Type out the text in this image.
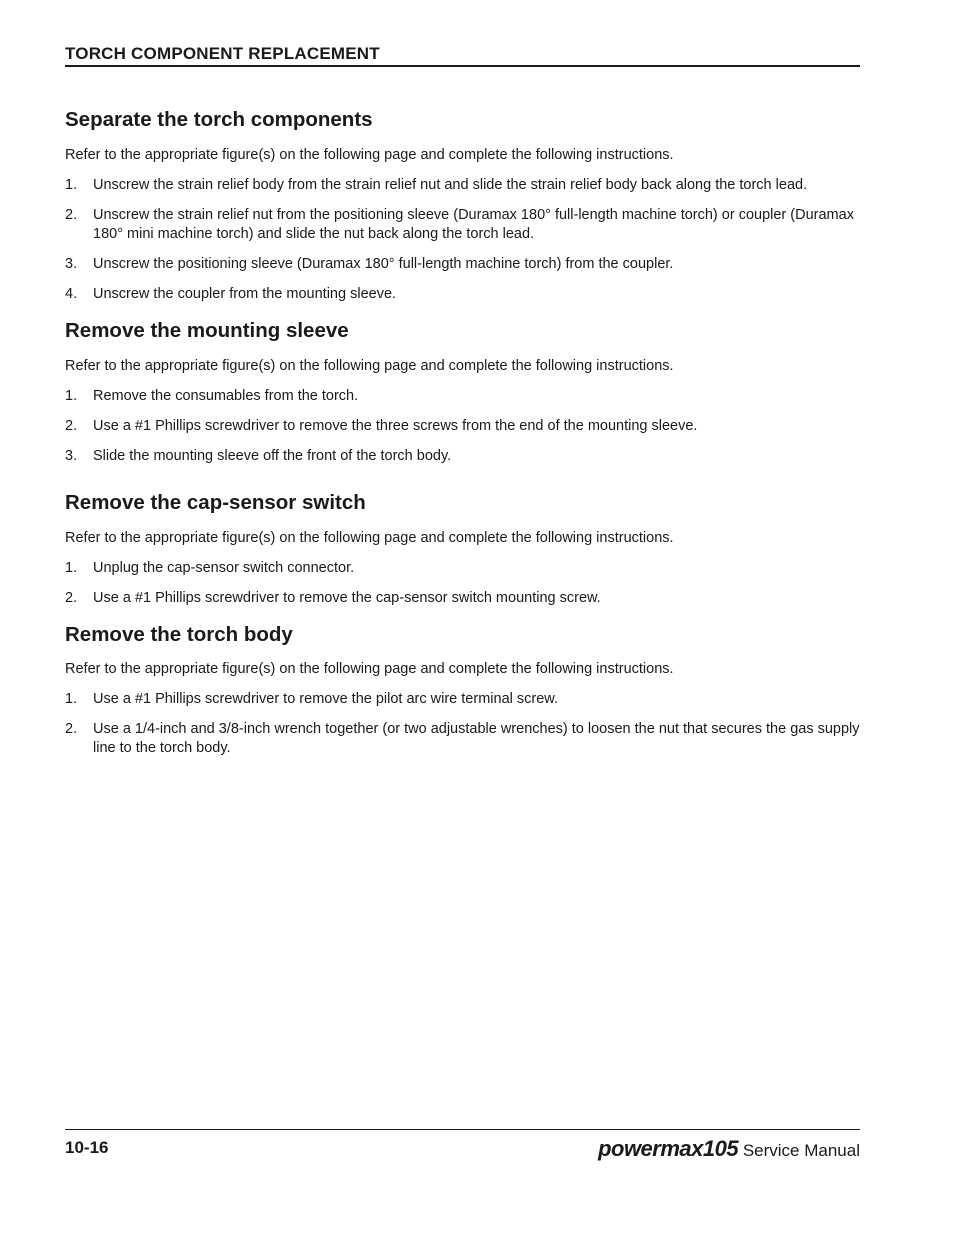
TORCH COMPONENT REPLACEMENT
Separate the torch components

Refer to the appropriate figure(s) on the following page and complete the following instructions.

1. Unscrew the strain relief body from the strain relief nut and slide the strain relief body back along the torch lead.
2. Unscrew the strain relief nut from the positioning sleeve (Duramax 180° full-length machine torch) or coupler (Duramax 180° mini machine torch) and slide the nut back along the torch lead.
3. Unscrew the positioning sleeve (Duramax 180° full-length machine torch) from the coupler.
4. Unscrew the coupler from the mounting sleeve.
Remove the mounting sleeve

Refer to the appropriate figure(s) on the following page and complete the following instructions.

1. Remove the consumables from the torch.
2. Use a #1 Phillips screwdriver to remove the three screws from the end of the mounting sleeve.
3. Slide the mounting sleeve off the front of the torch body.
Remove the cap-sensor switch

Refer to the appropriate figure(s) on the following page and complete the following instructions.

1. Unplug the cap-sensor switch connector.
2. Use a #1 Phillips screwdriver to remove the cap-sensor switch mounting screw.
Remove the torch body

Refer to the appropriate figure(s) on the following page and complete the following instructions.

1. Use a #1 Phillips screwdriver to remove the pilot arc wire terminal screw.
2. Use a 1/4-inch and 3/8-inch wrench together (or two adjustable wrenches) to loosen the nut that secures the gas supply line to the torch body.
10-16	powermax105 Service Manual
